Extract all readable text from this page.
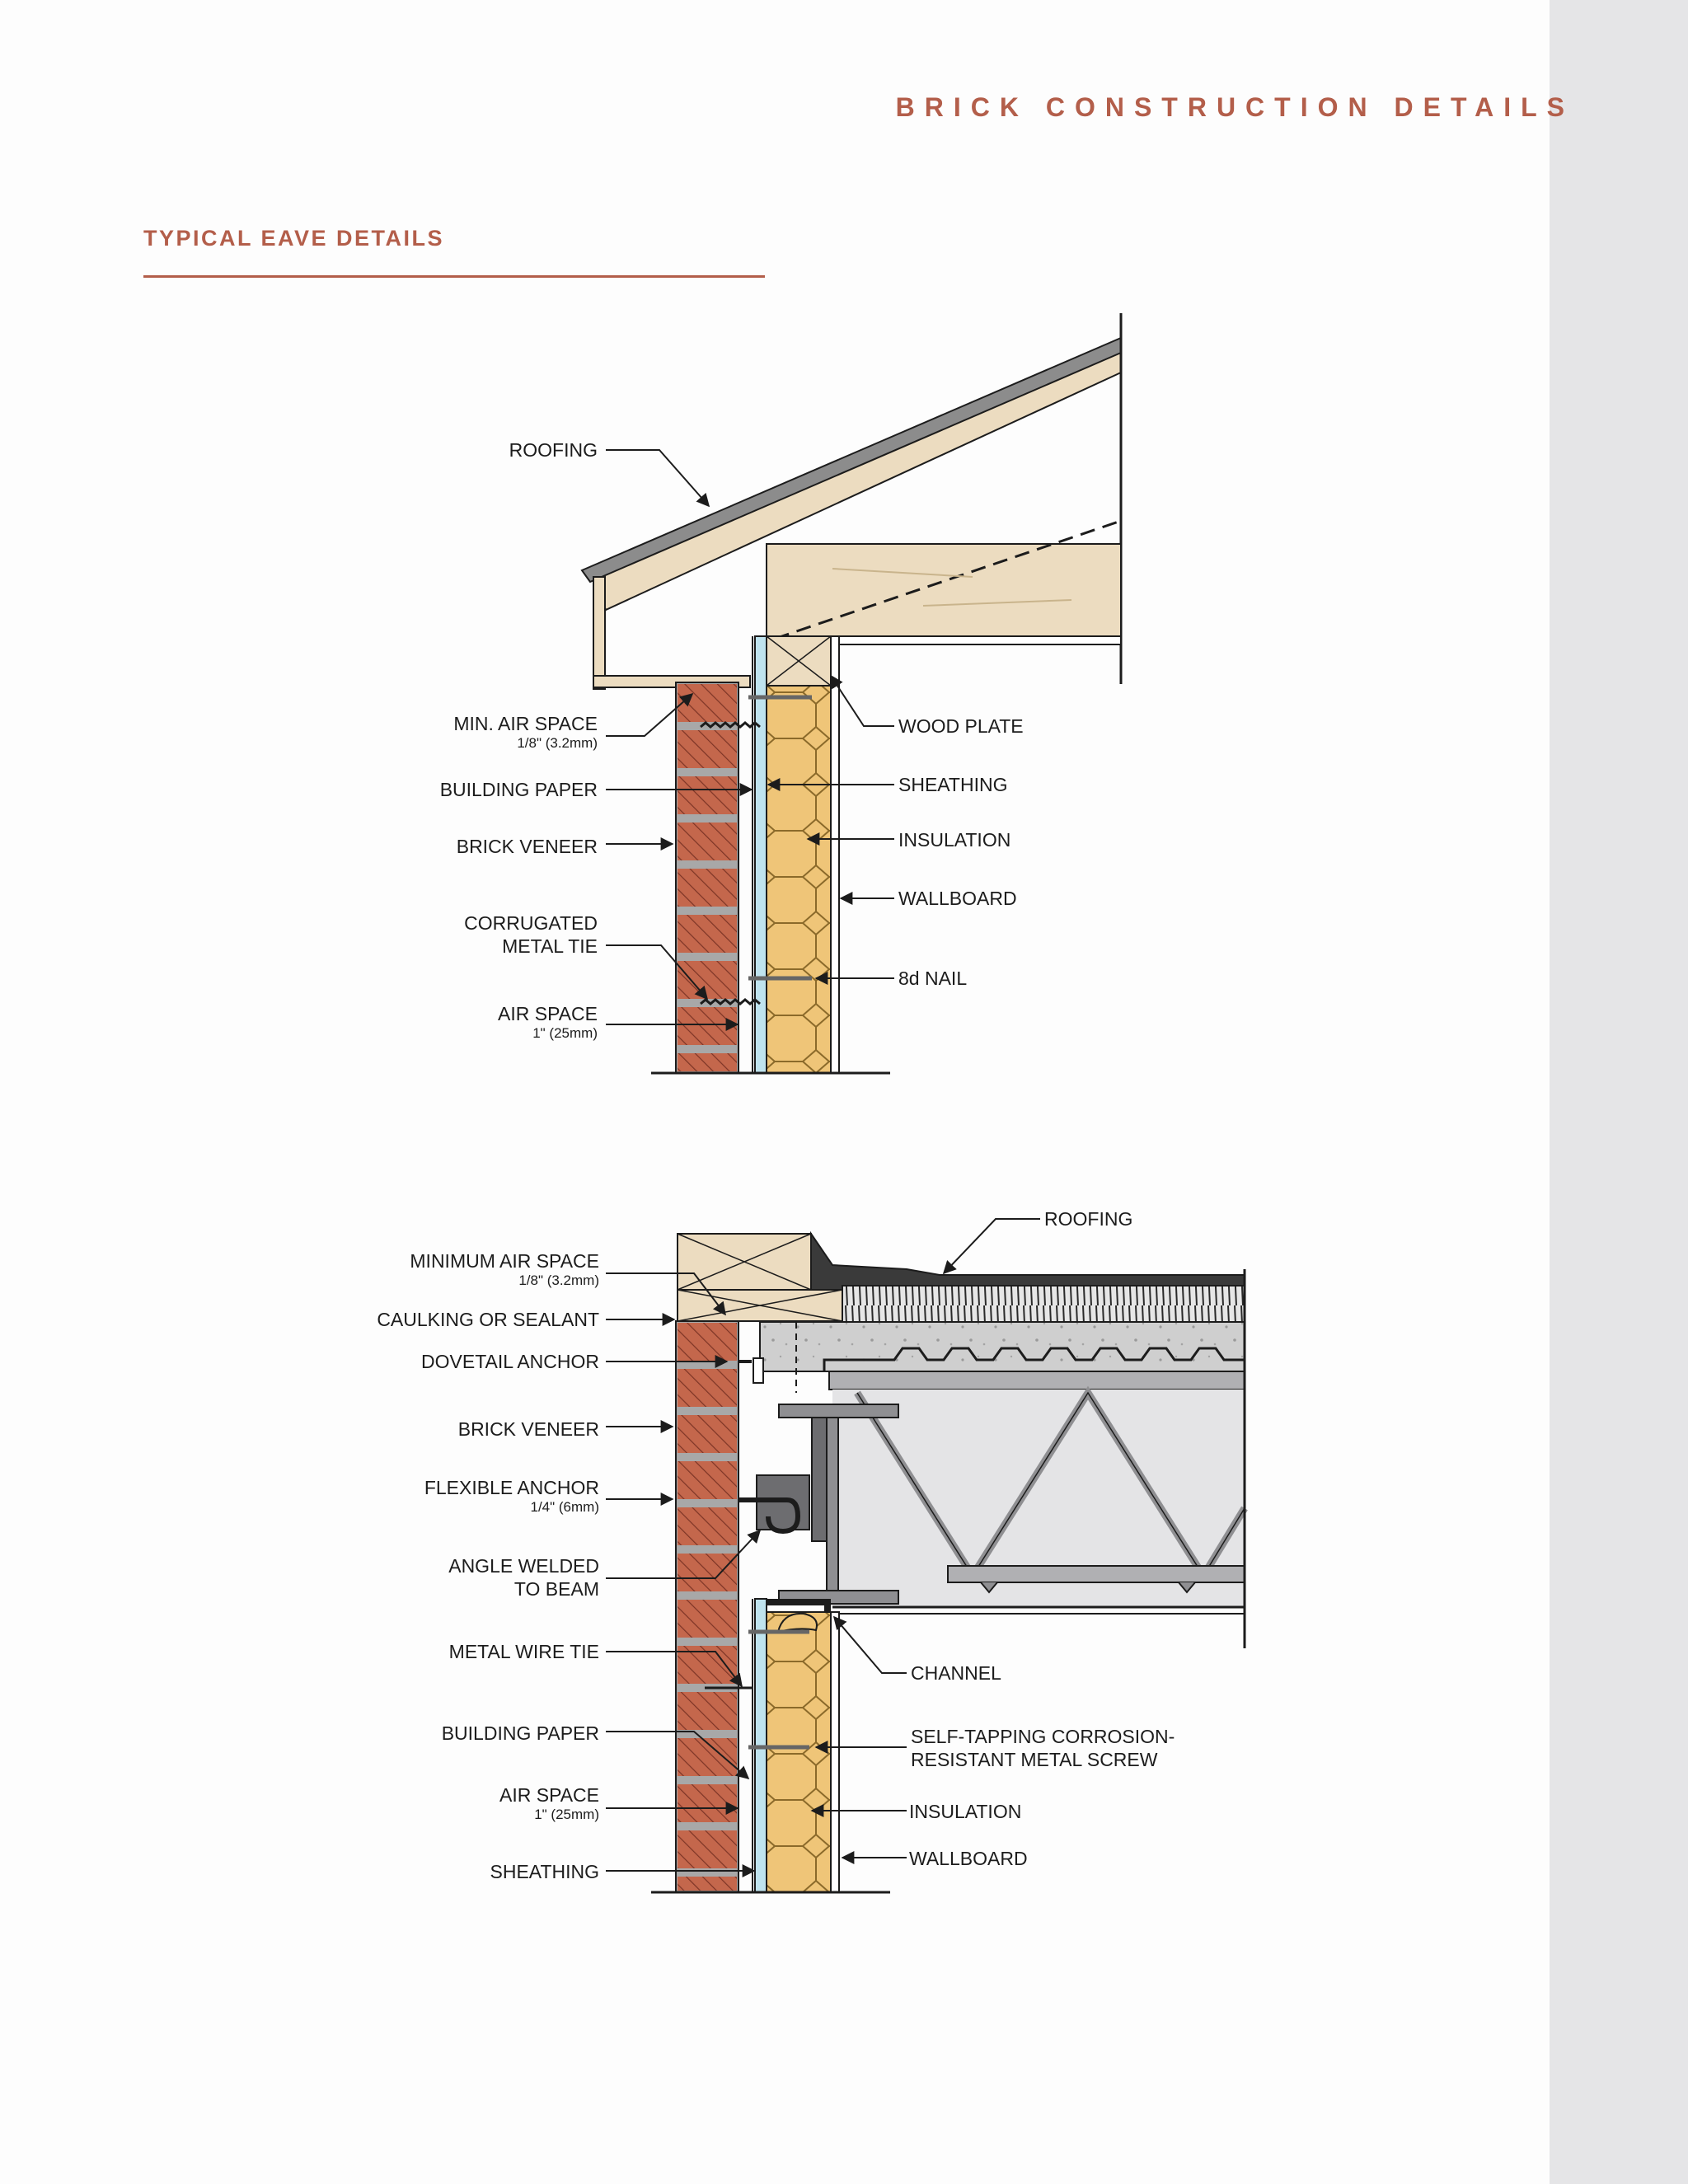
BRICK CONSTRUCTION DETAILS
TYPICAL EAVE DETAILS
ROOFING
MIN. AIR SPACE
1/8" (3.2mm)
BUILDING PAPER
BRICK VENEER
CORRUGATED
METAL TIE
AIR SPACE
1" (25mm)
WOOD PLATE
SHEATHING
INSULATION
WALLBOARD
8d NAIL
ROOFING
MINIMUM AIR SPACE
1/8" (3.2mm)
CAULKING OR SEALANT
DOVETAIL ANCHOR
BRICK VENEER
FLEXIBLE ANCHOR
1/4" (6mm)
ANGLE WELDED
TO BEAM
METAL WIRE TIE
BUILDING PAPER
AIR SPACE
1" (25mm)
SHEATHING
CHANNEL
SELF-TAPPING CORROSION-
RESISTANT METAL SCREW
INSULATION
WALLBOARD
